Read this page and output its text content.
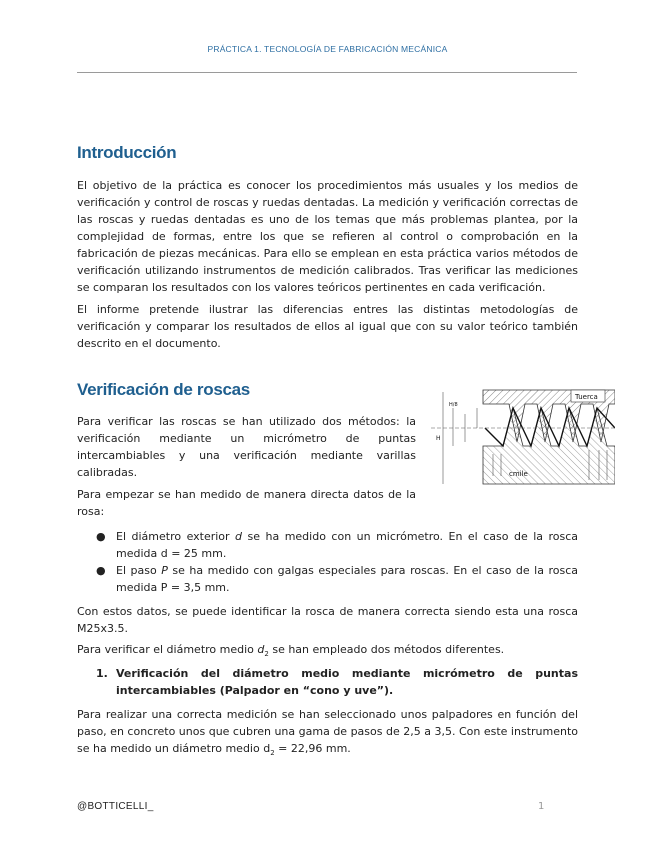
PRÁCTICA 1. TECNOLOGÍA DE FABRICACIÓN MECÁNICA
Introducción

El objetivo de la práctica es conocer los procedimientos más usuales y los medios de verificación y control de roscas y ruedas dentadas. La medición y verificación correctas de las roscas y ruedas dentadas es uno de los temas que más problemas plantea, por la complejidad de formas, entre los que se refieren al control o comprobación en la fabricación de piezas mecánicas. Para ello se emplean en esta práctica varios métodos de verificación utilizando instrumentos de medición calibrados. Tras verificar las mediciones se comparan los resultados con los valores teóricos pertinentes en cada verificación.

El informe pretende ilustrar las diferencias entres las distintas metodologías de verificación y comparar los resultados de ellos al igual que con su valor teórico también descrito en el documento.

Verificación de roscas

Para verificar las roscas se han utilizado dos métodos: la verificación mediante un micrómetro de puntas intercambiables y una verificación mediante varillas calibradas.

Para empezar se han medido de manera directa datos de la rosa:

● El diámetro exterior d se ha medido con un micrómetro. En el caso de la rosca medida d = 25 mm.
● El paso P se ha medido con galgas especiales para roscas. En el caso de la rosca medida P = 3,5 mm.

Con estos datos, se puede identificar la rosca de manera correcta siendo esta una rosca M25x3.5.

Para verificar el diámetro medio $d_2$ se han empleado dos métodos diferentes.

1. Verificación del diámetro medio mediante micrómetro de puntas intercambiables (Palpador en “cono y uve”).

Para realizar una correcta medición se han seleccionado unos palpadores en función del paso, en concreto unos que cubren una gama de pasos de 2,5 a 3,5. Con este instrumento se ha medido un diámetro medio $d_2 = 22,96$ mm.

Tuerca
cmile
H
H/8
@BOTTICELLI_	1
